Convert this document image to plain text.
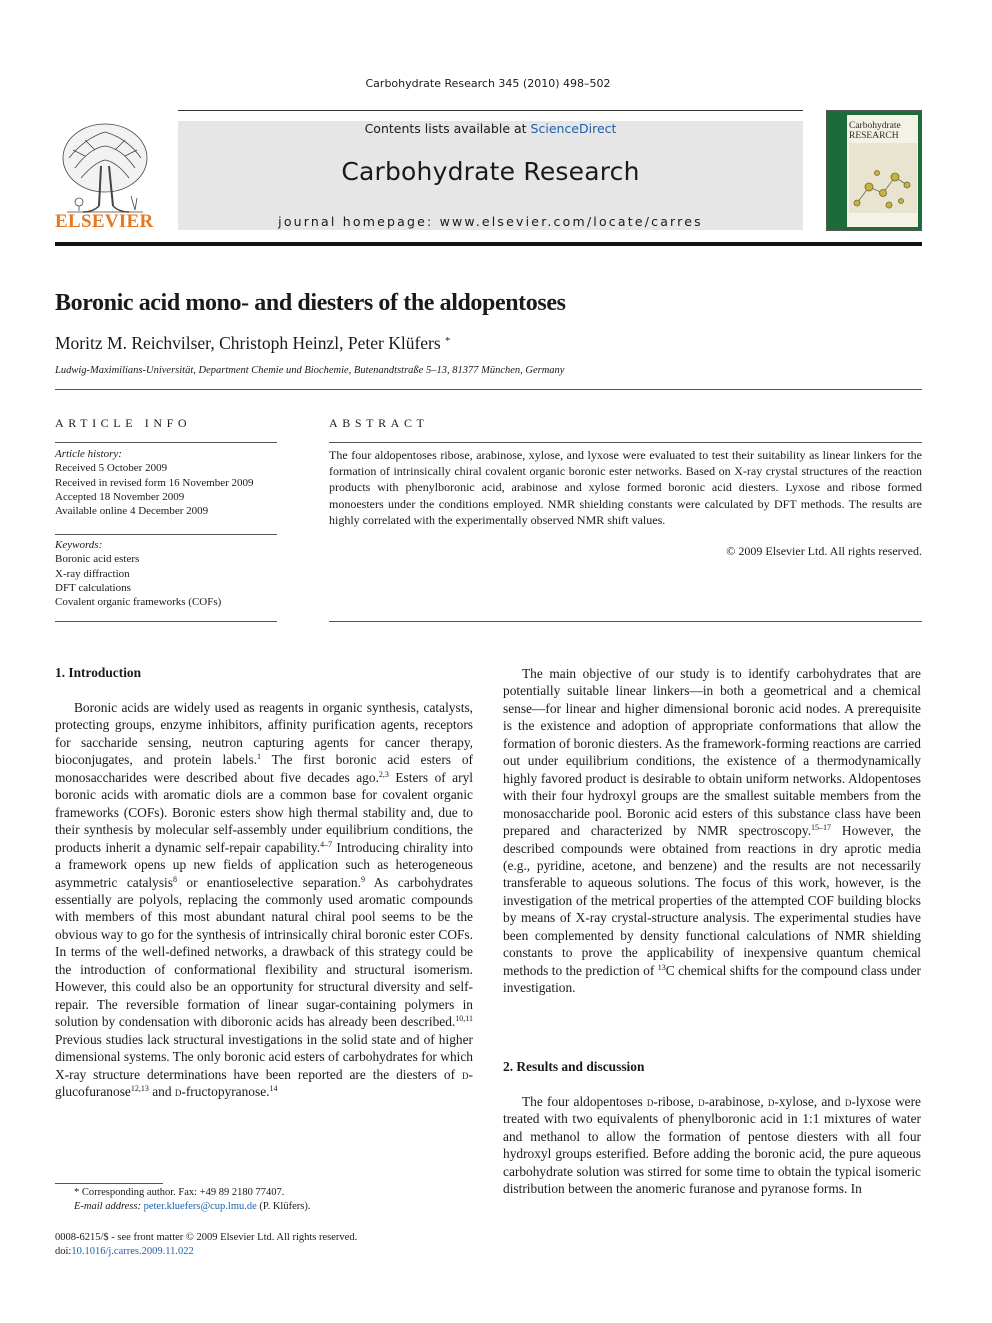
Carbohydrate Research 345 (2010) 498–502
Contents lists available at ScienceDirect
Carbohydrate Research
journal homepage: www.elsevier.com/locate/carres
ELSEVIER
Carbohydrate
RESEARCH
Boronic acid mono- and diesters of the aldopentoses
Moritz M. Reichvilser, Christoph Heinzl, Peter Klüfers *
Ludwig-Maximilians-Universität, Department Chemie und Biochemie, Butenandtstraße 5–13, 81377 München, Germany
ARTICLE INFO
Article history:
Received 5 October 2009
Received in revised form 16 November 2009
Accepted 18 November 2009
Available online 4 December 2009
Keywords:
Boronic acid esters
X-ray diffraction
DFT calculations
Covalent organic frameworks (COFs)
ABSTRACT
The four aldopentoses ribose, arabinose, xylose, and lyxose were evaluated to test their suitability as linear linkers for the formation of intrinsically chiral covalent organic boronic ester networks. Based on X-ray crystal structures of the reaction products with phenylboronic acid, arabinose and xylose formed boronic acid diesters. Lyxose and ribose formed monoesters under the conditions employed. NMR shielding constants were calculated by DFT methods. The results are highly correlated with the experimentally observed NMR shift values.
© 2009 Elsevier Ltd. All rights reserved.
1. Introduction

Boronic acids are widely used as reagents in organic synthesis, catalysts, protecting groups, enzyme inhibitors, affinity purification agents, receptors for saccharide sensing, neutron capturing agents for cancer therapy, bioconjugates, and protein labels.$^1$ The first boronic acid esters of monosaccharides were described about five decades ago.$^{2,3}$ Esters of aryl boronic acids with aromatic diols are a common base for covalent organic frameworks (COFs). Boronic esters show high thermal stability and, due to their synthesis by molecular self-assembly under equilibrium conditions, the products inherit a dynamic self-repair capability.$^{4-7}$ Introducing chirality into a framework opens up new fields of application such as heterogeneous asymmetric catalysis$^8$ or enantioselective separation.$^9$ As carbohydrates essentially are polyols, replacing the commonly used aromatic compounds with members of this most abundant natural chiral pool seems to be the obvious way to go for the synthesis of intrinsically chiral boronic ester COFs. In terms of the well-defined networks, a drawback of this strategy could be the introduction of conformational flexibility and structural isomerism. However, this could also be an opportunity for structural diversity and self-repair. The reversible formation of linear sugar-containing polymers in solution by condensation with diboronic acids has already been described.$^{10,11}$ Previous studies lack structural investigations in the solid state and of higher dimensional systems. The only boronic acid esters of carbohydrates for which X-ray structure determinations have been reported are the diesters of d-glucofuranose$^{12,13}$ and d-fructopyranose.$^{14}$

The main objective of our study is to identify carbohydrates that are potentially suitable linear linkers—in both a geometrical and a chemical sense—for linear and higher dimensional boronic acid nodes. A prerequisite is the existence and adoption of appropriate conformations that allow the formation of boronic diesters. As the framework-forming reactions are carried out under equilibrium conditions, the existence of a thermodynamically highly favored product is desirable to obtain uniform networks. Aldopentoses with their four hydroxyl groups are the smallest suitable members from the monosaccharide pool. Boronic acid esters of this substance class have been prepared and characterized by NMR spectroscopy.$^{15-17}$ However, the described compounds were obtained from reactions in dry aprotic media (e.g., pyridine, acetone, and benzene) and the results are not necessarily transferable to aqueous solutions. The focus of this work, however, is the investigation of the metrical properties of the attempted COF building blocks by means of X-ray crystal-structure analysis. The experimental studies have been complemented by density functional calculations of NMR shielding constants to prove the applicability of inexpensive quantum chemical methods to the prediction of $^{13}$C chemical shifts for the compound class under investigation.

2. Results and discussion

The four aldopentoses d-ribose, d-arabinose, d-xylose, and d-lyxose were treated with two equivalents of phenylboronic acid in 1:1 mixtures of water and methanol to allow the formation of pentose diesters with all four hydroxyl groups esterified. Before adding the boronic acid, the pure aqueous carbohydrate solution was stirred for some time to obtain the typical isomeric distribution between the anomeric furanose and pyranose forms. In

* Corresponding author. Fax: +49 89 2180 77407.
E-mail address: peter.kluefers@cup.lmu.de (P. Klüfers).
0008-6215/$ - see front matter © 2009 Elsevier Ltd. All rights reserved.
doi:10.1016/j.carres.2009.11.022
